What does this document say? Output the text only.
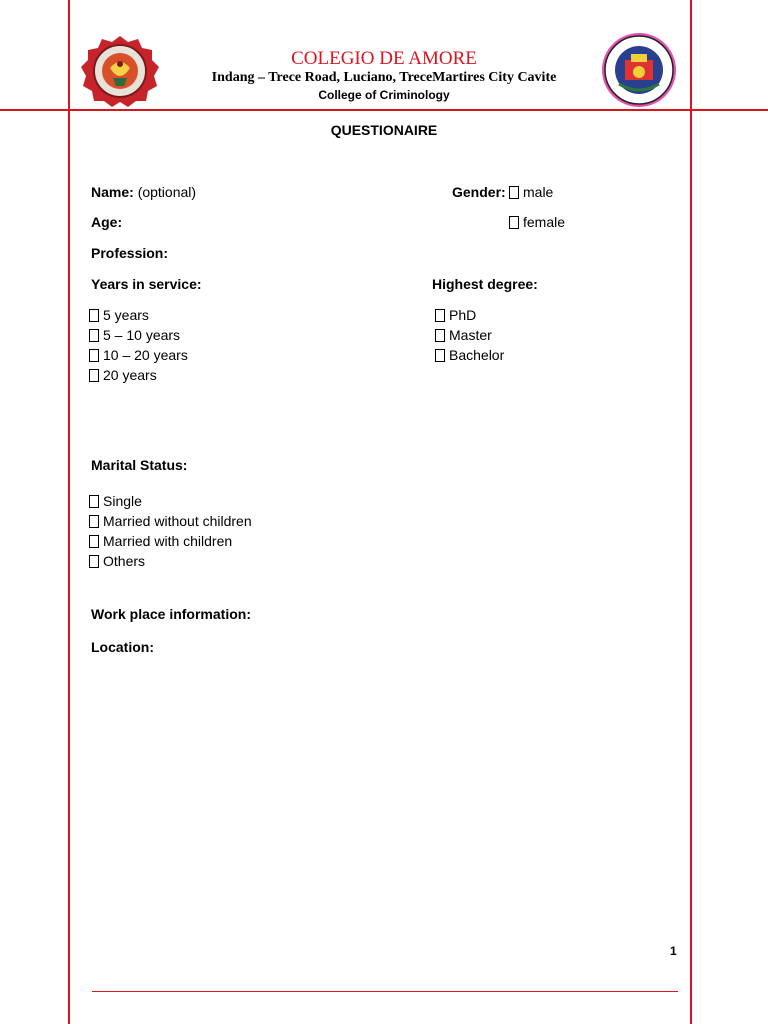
COLEGIO DE AMORE
Indang – Trece Road, Luciano, TreceMartires City Cavite
College of Criminology
QUESTIONAIRE
Name: (optional)	Gender: male
female
Age:
Profession:
Years in service:
5 years
5 – 10 years
10 – 20 years
20 years
Highest degree:
PhD
Master
Bachelor
Marital Status:
Single
Married without children
Married with children
Others
Work place information:
Location:
1
